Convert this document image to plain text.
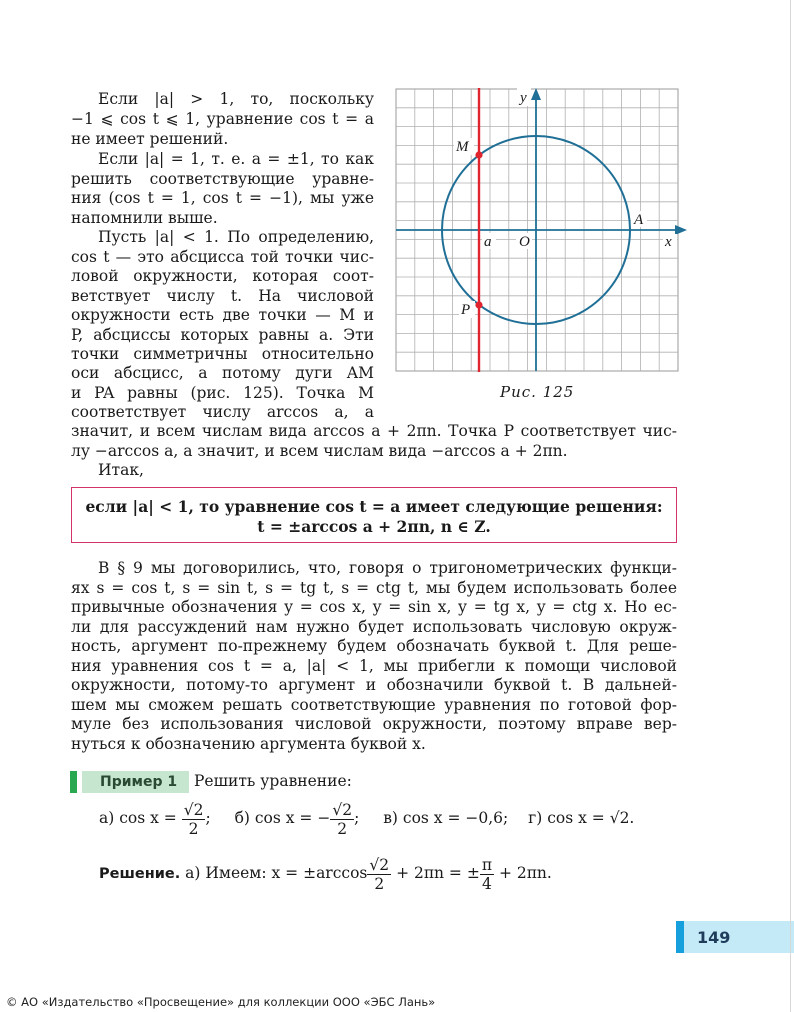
Если |a| > 1, то, поскольку
−1 ⩽ cos t ⩽ 1, уравнение cos t = a
не имеет решений.
Если |a| = 1, т. е. a = ±1, то как
решить соответствующие уравне-
ния (cos t = 1, cos t = −1), мы уже
напомнили выше.
Пусть |a| < 1. По определению,
cos t — это абсцисса той точки чис-
ловой окружности, которая соот-
ветствует числу t. На числовой
окружности есть две точки — M и
P, абсциссы которых равны a. Эти
точки симметричны относительно
оси абсцисс, а потому дуги AM
и PA равны (рис. 125). Точка M
соответствует числу arccos a, а
значит, и всем числам вида arccos a + 2πn. Точка P соответствует чис-
лу −arccos a, а значит, и всем числам вида −arccos a + 2πn.
Итак,
y
x
O
A
a
M
P
Рис. 125
если |a| < 1, то уравнение cos t = a имеет следующие решения:
t = ±arccos a + 2πn, n ∈ Z.
В § 9 мы договорились, что, говоря о тригонометрических функци-
ях s = cos t, s = sin t, s = tg t, s = ctg t, мы будем использовать более
привычные обозначения y = cos x, y = sin x, y = tg x, y = ctg x. Но ес-
ли для рассуждений нам нужно будет использовать числовую окруж-
ность, аргумент по-прежнему будем обозначать буквой t. Для реше-
ния уравнения cos t = a, |a| < 1, мы прибегли к помощи числовой
окружности, потому-то аргумент и обозначили буквой t. В дальней-
шем мы сможем решать соответствующие уравнения по готовой фор-
муле без использования числовой окружности, поэтому вправе вер-
нуться к обозначению аргумента буквой x.
Пример 1	Решить уравнение:
а) $\cos x = \frac{√2}{2}$ ; б) cos x = − $\frac{√2}{2}$ ; в) cos x = −0,6; г) cos x = √2.
Решение. а) Имеем: $x = \pm\arccos \frac{√2}{2} + 2\pi n$ = ± $\frac{\pi}{4} + 2\pi n$.
149
© АО «Издательство «Просвещение» для коллекции ООО «ЭБС Лань»
